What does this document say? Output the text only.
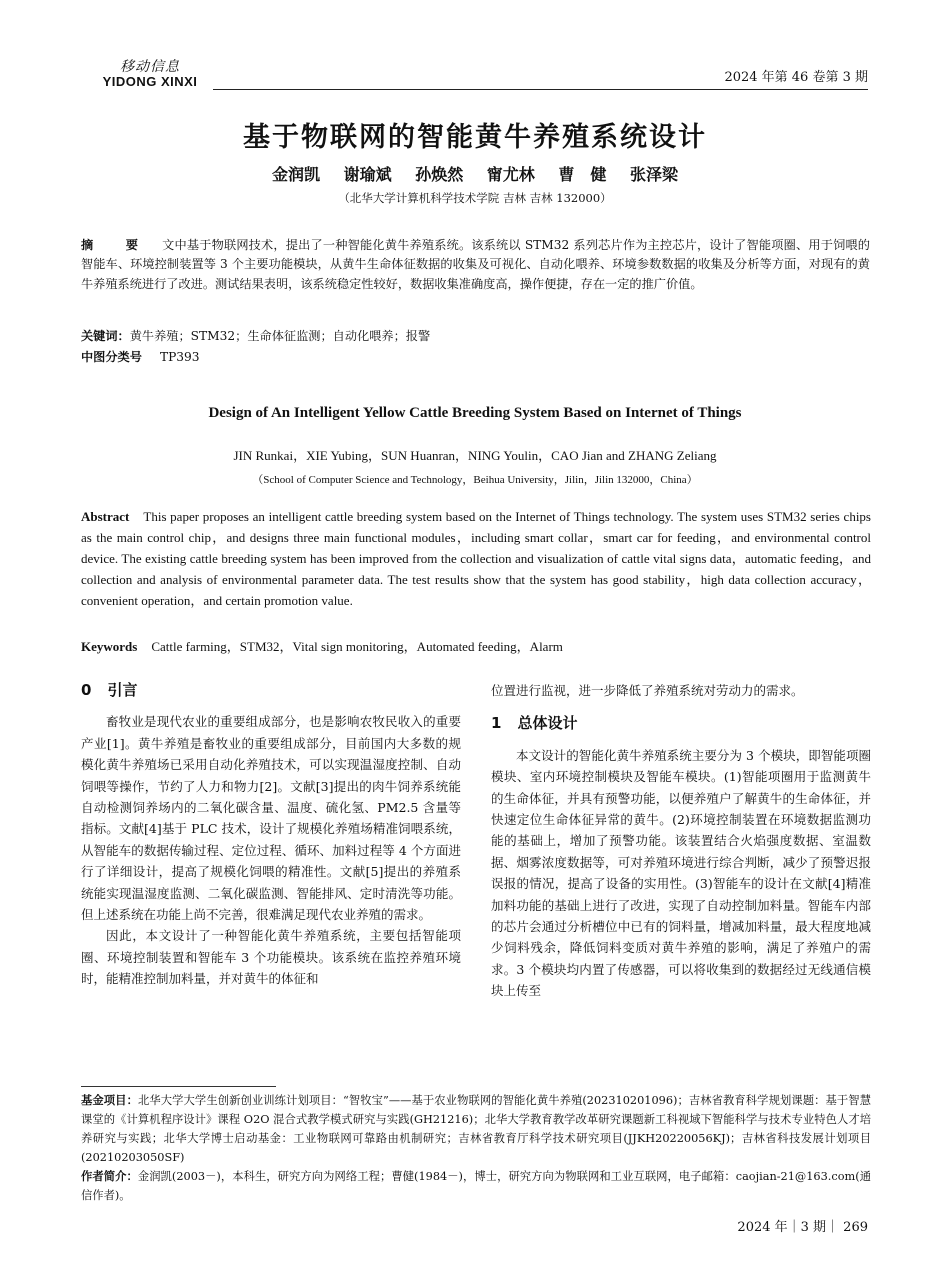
移动信息
YIDONG XINXI	2024 年第 46 卷第 3 期
基于物联网的智能黄牛养殖系统设计
金润凯 谢瑜斌 孙焕然 甯尤林 曹　健 张泽梁
（北华大学计算机科学技术学院 吉林 吉林 132000）
摘　要 文中基于物联网技术，提出了一种智能化黄牛养殖系统。该系统以 STM32 系列芯片作为主控芯片，设计了智能项圈、用于饲喂的智能车、环境控制装置等 3 个主要功能模块，从黄牛生命体征数据的收集及可视化、自动化喂养、环境参数数据的收集及分析等方面，对现有的黄牛养殖系统进行了改进。测试结果表明，该系统稳定性较好，数据收集准确度高，操作便捷，存在一定的推广价值。
关键词：黄牛养殖；STM32；生命体征监测；自动化喂养；报警
中图分类号 TP393
Design of An Intelligent Yellow Cattle Breeding System Based on Internet of Things
JIN Runkai，XIE Yubing，SUN Huanran，NING Youlin，CAO Jian and ZHANG Zeliang
（School of Computer Science and Technology，Beihua University，Jilin，Jilin 132000，China）
Abstract This paper proposes an intelligent cattle breeding system based on the Internet of Things technology. The system uses STM32 series chips as the main control chip，and designs three main functional modules，including smart collar，smart car for feeding，and environmental control device. The existing cattle breeding system has been improved from the collection and visualization of cattle vital signs data，automatic feeding，and collection and analysis of environmental parameter data. The test results show that the system has good stability，high data collection accuracy，convenient operation，and certain promotion value.
Keywords Cattle farming，STM32，Vital sign monitoring，Automated feeding，Alarm
0 引言

畜牧业是现代农业的重要组成部分，也是影响农牧民收入的重要产业[1]。黄牛养殖是畜牧业的重要组成部分，目前国内大多数的规模化黄牛养殖场已采用自动化养殖技术，可以实现温湿度控制、自动饲喂等操作，节约了人力和物力[2]。文献[3]提出的肉牛饲养系统能自动检测饲养场内的二氧化碳含量、温度、硫化氢、PM2.5 含量等指标。文献[4]基于 PLC 技术，设计了规模化养殖场精准饲喂系统，从智能车的数据传输过程、定位过程、循环、加料过程等 4 个方面进行了详细设计，提高了规模化饲喂的精准性。文献[5]提出的养殖系统能实现温湿度监测、二氧化碳监测、智能排风、定时清洗等功能。但上述系统在功能上尚不完善，很难满足现代农业养殖的需求。

因此，本文设计了一种智能化黄牛养殖系统，主要包括智能项圈、环境控制装置和智能车 3 个功能模块。该系统在监控养殖环境时，能精准控制加料量，并对黄牛的体征和

位置进行监视，进一步降低了养殖系统对劳动力的需求。

1 总体设计

本文设计的智能化黄牛养殖系统主要分为 3 个模块，即智能项圈模块、室内环境控制模块及智能车模块。(1)智能项圈用于监测黄牛的生命体征，并具有预警功能，以便养殖户了解黄牛的生命体征，并快速定位生命体征异常的黄牛。(2)环境控制装置在环境数据监测功能的基础上，增加了预警功能。该装置结合火焰强度数据、室温数据、烟雾浓度数据等，可对养殖环境进行综合判断，减少了预警迟报误报的情况，提高了设备的实用性。(3)智能车的设计在文献[4]精准加料功能的基础上进行了改进，实现了自动控制加料量。智能车内部的芯片会通过分析槽位中已有的饲料量，增减加料量，最大程度地减少饲料残余，降低饲料变质对黄牛养殖的影响，满足了养殖户的需求。3 个模块均内置了传感器，可以将收集到的数据经过无线通信模块上传至

基金项目：北华大学大学生创新创业训练计划项目：“智牧宝”——基于农业物联网的智能化黄牛养殖(202310201096)；吉林省教育科学规划课题：基于智慧课堂的《计算机程序设计》课程 O2O 混合式教学模式研究与实践(GH21216)；北华大学教育教学改革研究课题新工科视域下智能科学与技术专业特色人才培养研究与实践；北华大学博士启动基金：工业物联网可靠路由机制研究；吉林省教育厅科学技术研究项目(JJKH20220056KJ)；吉林省科技发展计划项目(20210203050SF)

作者简介：金润凯(2003－)，本科生，研究方向为网络工程；曹健(1984－)，博士，研究方向为物联网和工业互联网，电子邮箱：caojian-21@163.com(通信作者)。

2024 年｜3 期｜ 269
